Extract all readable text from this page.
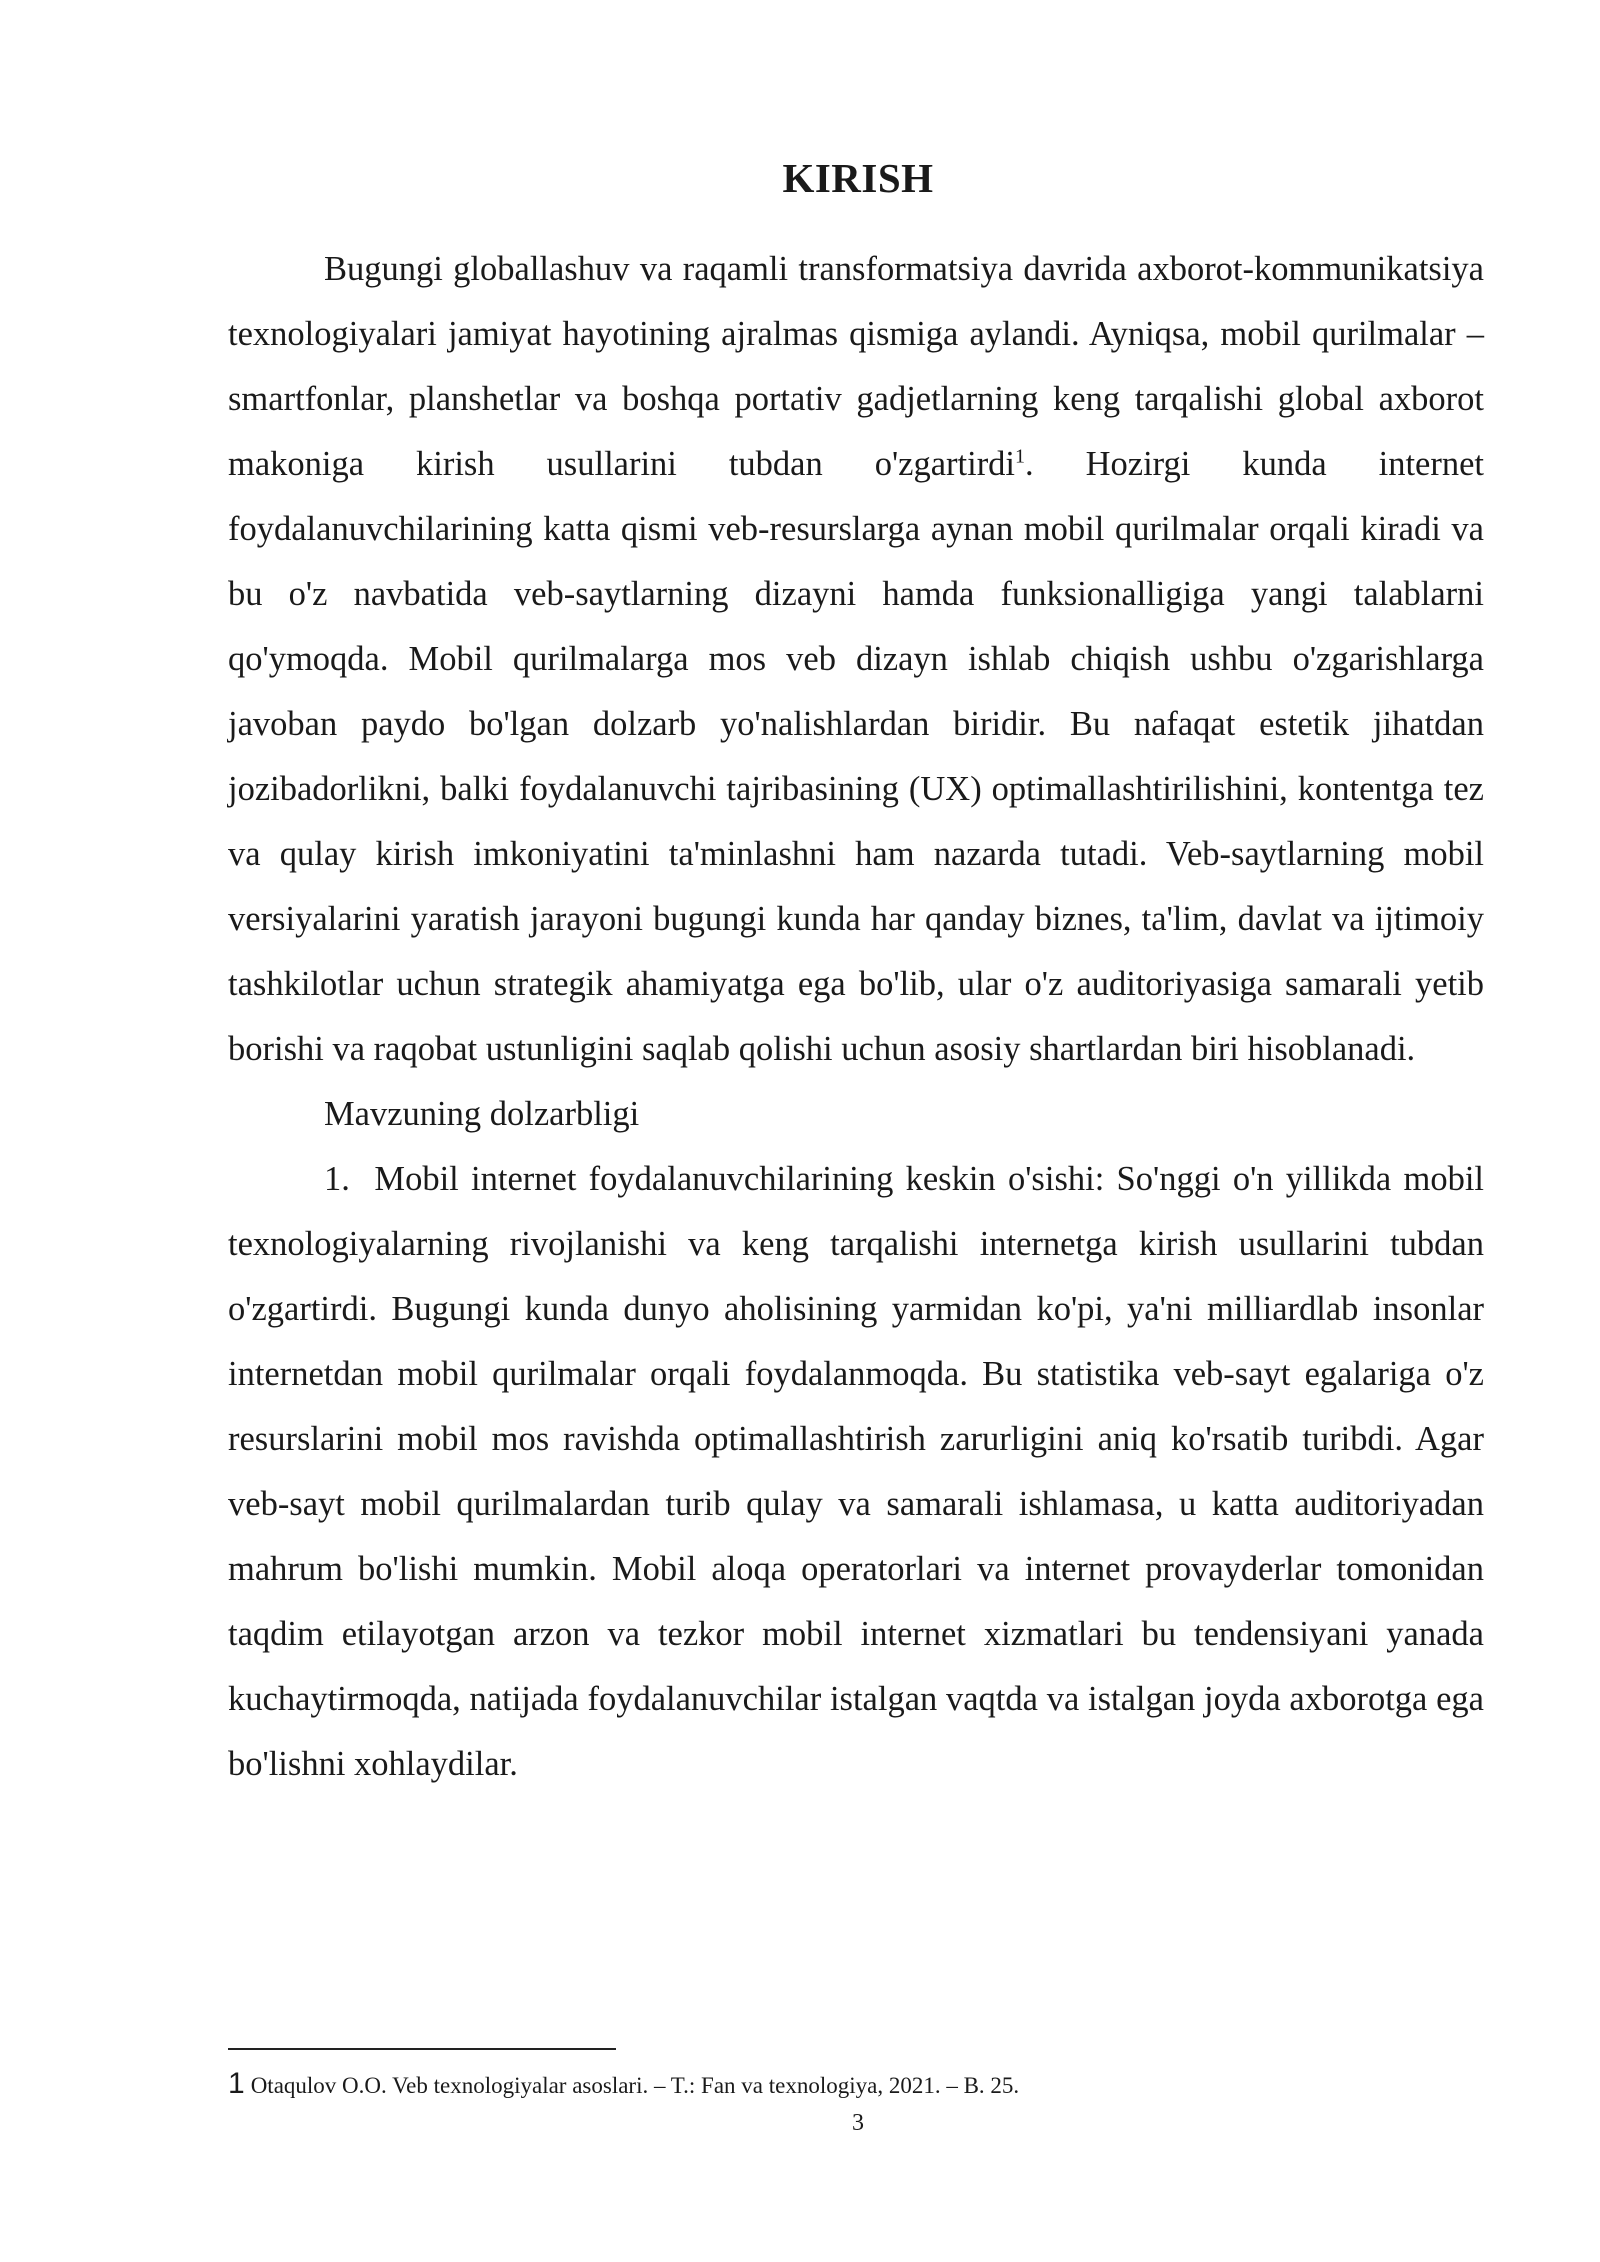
KIRISH

Bugungi globallashuv va raqamli transformatsiya davrida axborot-kommunikatsiya texnologiyalari jamiyat hayotining ajralmas qismiga aylandi. Ayniqsa, mobil qurilmalar – smartfonlar, planshetlar va boshqa portativ gadjetlarning keng tarqalishi global axborot makoniga kirish usullarini tubdan o'zgartirdi$^1$. Hozirgi kunda internet foydalanuvchilarining katta qismi veb-resurslarga aynan mobil qurilmalar orqali kiradi va bu o'z navbatida veb-saytlarning dizayni hamda funksionalligiga yangi talablarni qo'ymoqda. Mobil qurilmalarga mos veb dizayn ishlab chiqish ushbu o'zgarishlarga javoban paydo bo'lgan dolzarb yo'nalishlardan biridir. Bu nafaqat estetik jihatdan jozibadorlikni, balki foydalanuvchi tajribasining (UX) optimallashtirilishini, kontentga tez va qulay kirish imkoniyatini ta'minlashni ham nazarda tutadi. Veb-saytlarning mobil versiyalarini yaratish jarayoni bugungi kunda har qanday biznes, ta'lim, davlat va ijtimoiy tashkilotlar uchun strategik ahamiyatga ega bo'lib, ular o'z auditoriyasiga samarali yetib borishi va raqobat ustunligini saqlab qolishi uchun asosiy shartlardan biri hisoblanadi.

Mavzuning dolzarbligi

1. Mobil internet foydalanuvchilarining keskin o'sishi: So'nggi o'n yillikda mobil texnologiyalarning rivojlanishi va keng tarqalishi internetga kirish usullarini tubdan o'zgartirdi. Bugungi kunda dunyo aholisining yarmidan ko'pi, ya'ni milliardlab insonlar internetdan mobil qurilmalar orqali foydalanmoqda. Bu statistika veb-sayt egalariga o'z resurslarini mobil mos ravishda optimallashtirish zarurligini aniq ko'rsatib turibdi. Agar veb-sayt mobil qurilmalardan turib qulay va samarali ishlamasa, u katta auditoriyadan mahrum bo'lishi mumkin. Mobil aloqa operatorlari va internet provayderlar tomonidan taqdim etilayotgan arzon va tezkor mobil internet xizmatlari bu tendensiyani yanada kuchaytirmoqda, natijada foydalanuvchilar istalgan vaqtda va istalgan joyda axborotga ega bo'lishni xohlaydilar.

1 Otaqulov O.O. Veb texnologiyalar asoslari. – T.: Fan va texnologiya, 2021. – B. 25.
3
